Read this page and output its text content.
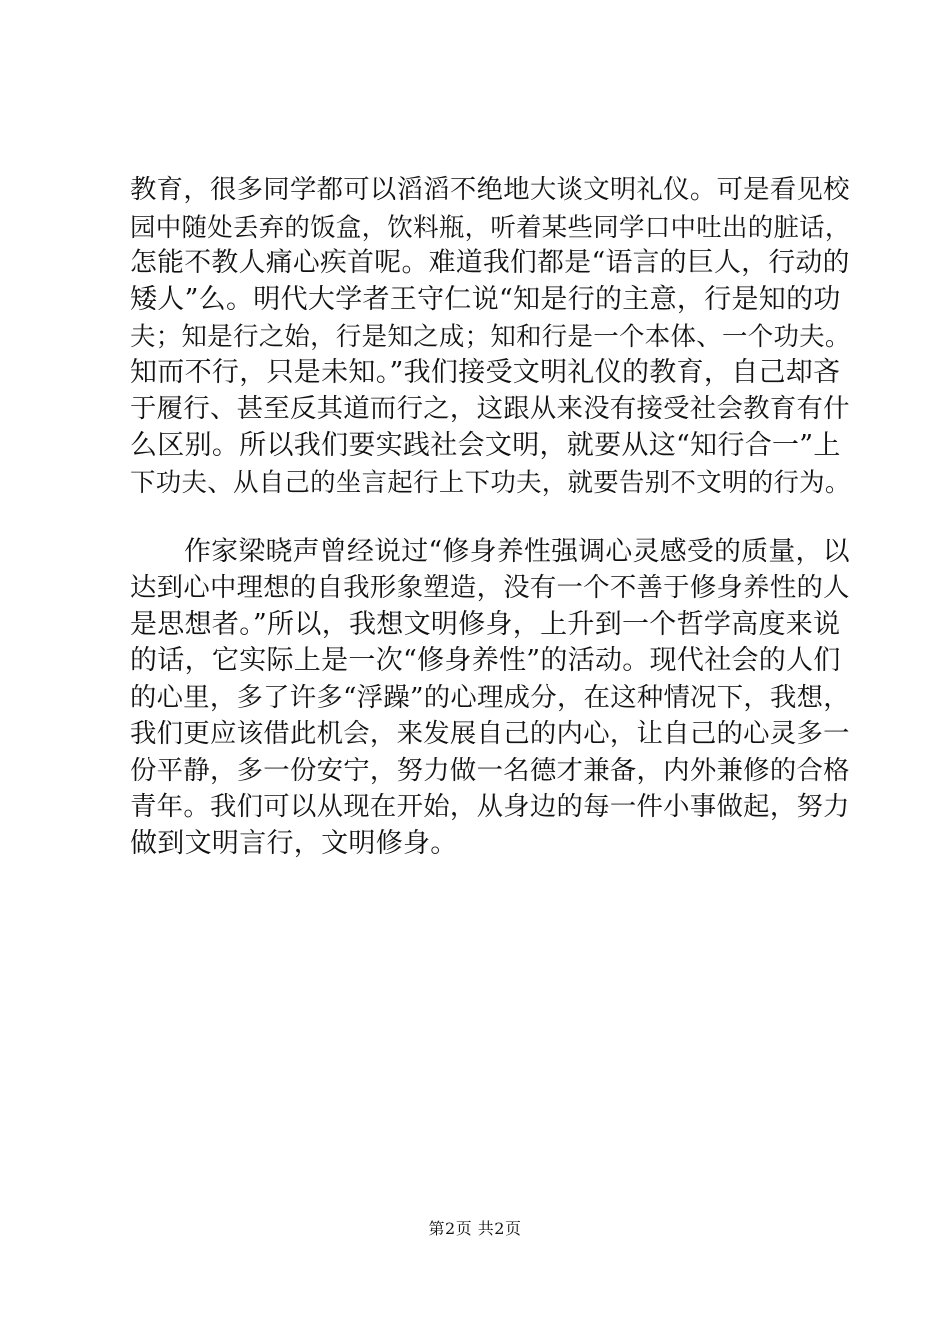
教育，很多同学都可以滔滔不绝地大谈文明礼仪。可是看见校
园中随处丢弃的饭盒，饮料瓶，听着某些同学口中吐出的脏话，
怎能不教人痛心疾首呢。难道我们都是“语言的巨人，行动的
矮人”么。明代大学者王守仁说“知是行的主意，行是知的功
夫；知是行之始，行是知之成；知和行是一个本体、一个功夫。
知而不行，只是未知。”我们接受文明礼仪的教育，自己却吝
于履行、甚至反其道而行之，这跟从来没有接受社会教育有什
么区别。所以我们要实践社会文明，就要从这“知行合一”上
下功夫、从自己的坐言起行上下功夫，就要告别不文明的行为。

作家梁晓声曾经说过“修身养性强调心灵感受的质量，以
达到心中理想的自我形象塑造，没有一个不善于修身养性的人
是思想者。”所以，我想文明修身，上升到一个哲学高度来说
的话，它实际上是一次“修身养性”的活动。现代社会的人们
的心里，多了许多“浮躁”的心理成分，在这种情况下，我想，
我们更应该借此机会，来发展自己的内心，让自己的心灵多一
份平静，多一份安宁，努力做一名德才兼备，内外兼修的合格
青年。我们可以从现在开始，从身边的每一件小事做起，努力
做到文明言行，文明修身。

第2页 共2页
